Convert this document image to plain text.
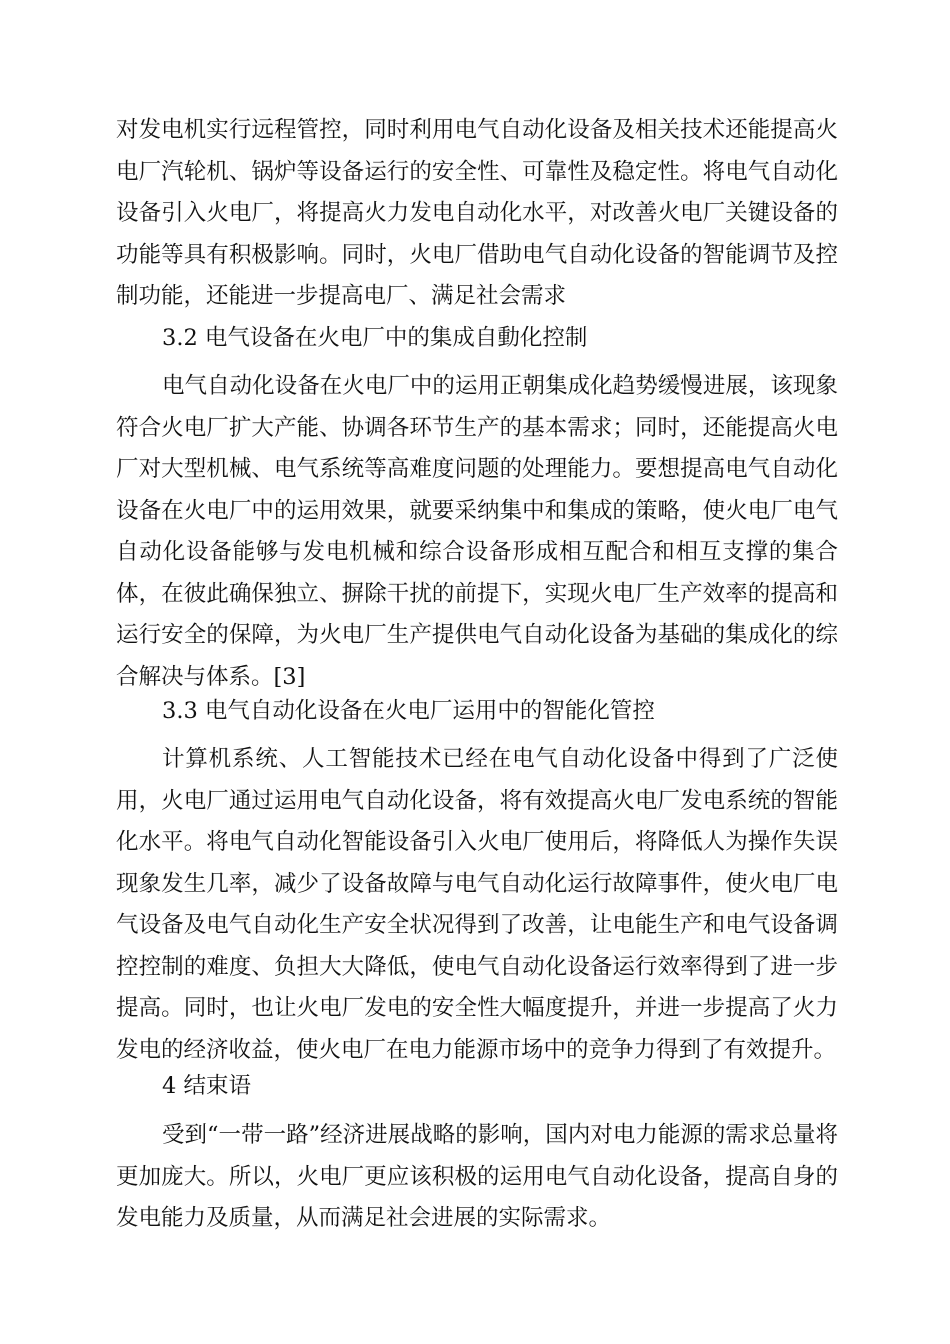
对发电机实行远程管控，同时利用电气自动化设备及相关技术还能提高火电厂汽轮机、锅炉等设备运行的安全性、可靠性及稳定性。将电气自动化设备引入火电厂，将提高火力发电自动化水平，对改善火电厂关键设备的功能等具有积极影响。同时，火电厂借助电气自动化设备的智能调节及控制功能，还能进一步提高电厂、满足社会需求

3.2 电气设备在火电厂中的集成自動化控制

电气自动化设备在火电厂中的运用正朝集成化趋势缓慢进展，该现象符合火电厂扩大产能、协调各环节生产的基本需求；同时，还能提高火电厂对大型机械、电气系统等高难度问题的处理能力。要想提高电气自动化设备在火电厂中的运用效果，就要采纳集中和集成的策略，使火电厂电气自动化设备能够与发电机械和综合设备形成相互配合和相互支撑的集合体，在彼此确保独立、摒除干扰的前提下，实现火电厂生产效率的提高和运行安全的保障，为火电厂生产提供电气自动化设备为基础的集成化的综合解决与体系。[3]

3.3 电气自动化设备在火电厂运用中的智能化管控

计算机系统、人工智能技术已经在电气自动化设备中得到了广泛使用，火电厂通过运用电气自动化设备，将有效提高火电厂发电系统的智能化水平。将电气自动化智能设备引入火电厂使用后，将降低人为操作失误现象发生几率，减少了设备故障与电气自动化运行故障事件，使火电厂电气设备及电气自动化生产安全状况得到了改善，让电能生产和电气设备调控控制的难度、负担大大降低，使电气自动化设备运行效率得到了进一步提高。同时，也让火电厂发电的安全性大幅度提升，并进一步提高了火力发电的经济收益，使火电厂在电力能源市场中的竞争力得到了有效提升。

4 结束语

受到“一带一路”经济进展战略的影响，国内对电力能源的需求总量将更加庞大。所以，火电厂更应该积极的运用电气自动化设备，提高自身的发电能力及质量，从而满足社会进展的实际需求。
